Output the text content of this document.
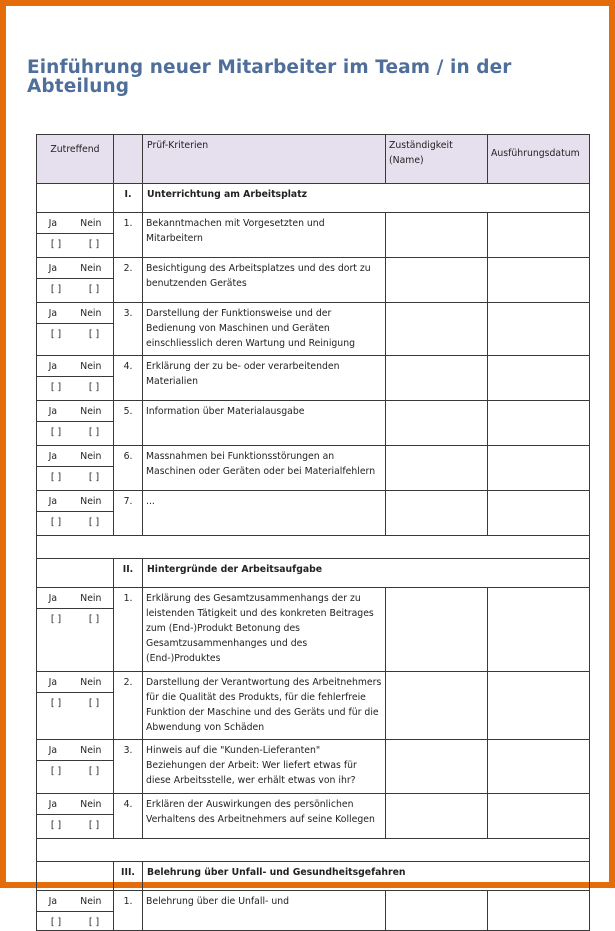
Einführung neuer Mitarbeiter im Team / in der Abteilung
Zutreffend		Prüf-Kriterien	Zuständigkeit (Name)	Ausführungsdatum
	I.	Unterrichtung am Arbeitsplatz		

Ja Nein
[ ] [ ]	1.	Bekanntmachen mit Vorgesetzten und Mitarbeitern		

Ja Nein
[ ] [ ]	2.	Besichtigung des Arbeitsplatzes und des dort zu benutzenden Gerätes		

Ja Nein
[ ] [ ]	3.	Darstellung der Funktionsweise und der Bedienung von Maschinen und Geräten einschliesslich deren Wartung und Reinigung		

Ja Nein
[ ] [ ]	4.	Erklärung der zu be- oder verarbeitenden Materialien		

Ja Nein
[ ] [ ]	5.	Information über Materialausgabe		

Ja Nein
[ ] [ ]	6.	Massnahmen bei Funktionsstörungen an Maschinen oder Geräten oder bei Materialfehlern		

Ja Nein
[ ] [ ]	7.	...		

	II.	Hintergründe der Arbeitsaufgabe		

Ja Nein
[ ] [ ]	1.	Erklärung des Gesamtzusammenhangs der zu leistenden Tätigkeit und des konkreten Beitrages zum (End-)Produkt Betonung des Gesamtzusammenhanges und des (End-)Produktes		

Ja Nein
[ ] [ ]	2.	Darstellung der Verantwortung des Arbeitnehmers für die Qualität des Produkts, für die fehlerfreie Funktion der Maschine und des Geräts und für die Abwendung von Schäden		

Ja Nein
[ ] [ ]	3.	Hinweis auf die "Kunden-Lieferanten" Beziehungen der Arbeit: Wer liefert etwas für diese Arbeitsstelle, wer erhält etwas von ihr?		

Ja Nein
[ ] [ ]	4.	Erklären der Auswirkungen des persönlichen Verhaltens des Arbeitnehmers auf seine Kollegen		

	III.	Belehrung über Unfall- und Gesundheitsgefahren		

Ja Nein
[ ] [ ]	1.	Belehrung über die Unfall- und		
